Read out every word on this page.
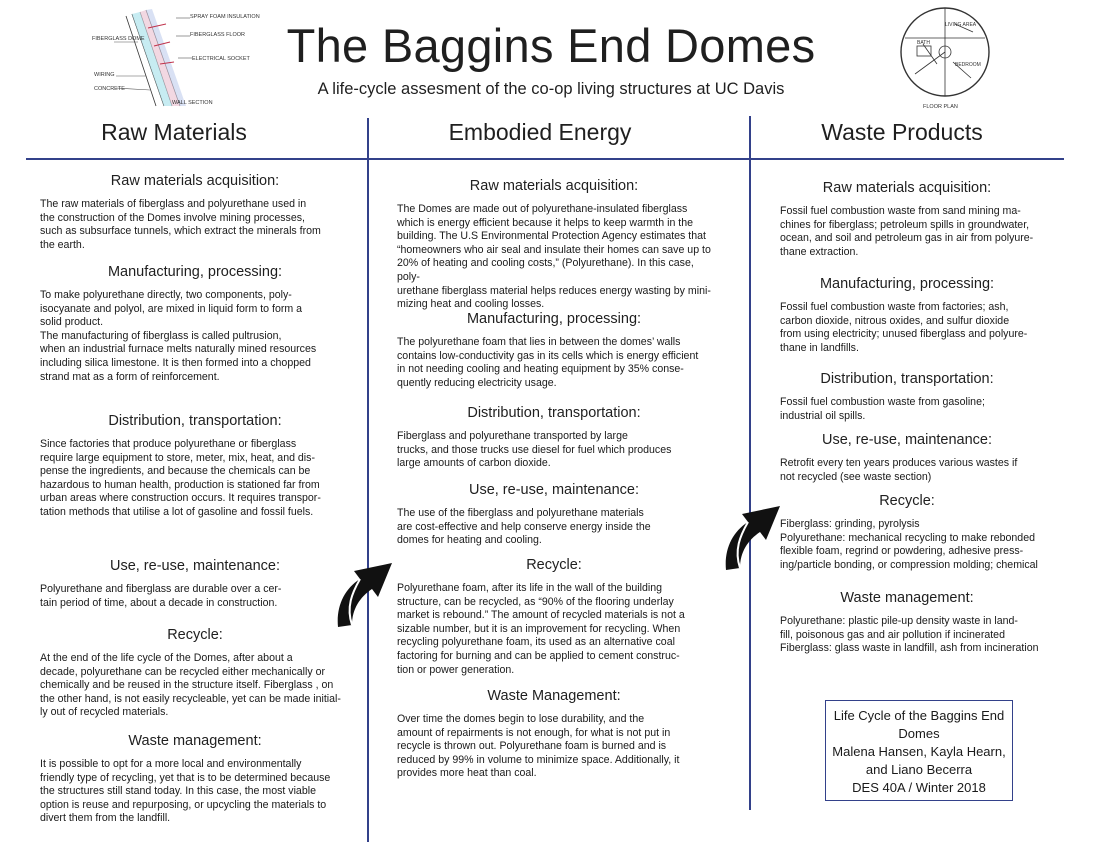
The Baggins End Domes
A life-cycle assesment of the co-op living structures at UC Davis
FIBERGLASS DOME
SPRAY FOAM INSULATION
FIBERGLASS FLOOR
ELECTRICAL SOCKET
WIRING
CONCRETE
WALL SECTION
LIVING AREA
BEDROOM
BATH
FLOOR PLAN
Raw Materials	Embodied Energy	Waste Products
Raw materials acquisition:
The raw materials of fiberglass and polyurethane used in
the construction of the Domes involve mining processes,
such as subsurface tunnels, which extract the minerals from
the earth.
Manufacturing, processing:
To make polyurethane directly, two components, poly-
isocyanate and polyol, are mixed in liquid form to form a
solid product.
The manufacturing of fiberglass is called pultrusion,
when an industrial furnace melts naturally mined resources
including silica limestone. It is then formed into a chopped
strand mat as a form of reinforcement.
Distribution, transportation:
Since factories that produce polyurethane or fiberglass
require large equipment to store, meter, mix, heat, and dis-
pense the ingredients, and because the chemicals can be
hazardous to human health, production is stationed far from
urban areas where construction occurs. It requires transpor-
tation methods that utilise a lot of gasoline and fossil fuels.
Use, re-use, maintenance:
Polyurethane and fiberglass are durable over a cer-
tain period of time, about a decade in construction.
Recycle:
At the end of the life cycle of the Domes, after about a
decade, polyurethane can be recycled either mechanically or
chemically and be reused in the structure itself. Fiberglass , on
the other hand, is not easily recycleable, yet can be made initial-
ly out of recycled materials.
Waste management:
It is possible to opt for a more local and environmentally
friendly type of recycling, yet that is to be determined because
the structures still stand today. In this case, the most viable
option is reuse and repurposing, or upcycling the materials to
divert them from the landfill.
Raw materials acquisition:
The Domes are made out of polyurethane-insulated fiberglass
which is energy efficient because it helps to keep warmth in the
building. The U.S Environmental Protection Agency estimates that
“homeowners who air seal and insulate their homes can save up to
20% of heating and cooling costs,” (Polyurethane). In this case, poly-
urethane fiberglass material helps reduces energy wasting by mini-
mizing heat and cooling losses.
Manufacturing, processing:
The polyurethane foam that lies in between the domes’ walls
contains low-conductivity gas in its cells which is energy efficient
in not needing cooling and heating equipment by 35% conse-
quently reducing electricity usage.
Distribution, transportation:
Fiberglass and polyurethane transported by large
trucks, and those trucks use diesel for fuel which produces
large amounts of carbon dioxide.
Use, re-use, maintenance:
The use of the fiberglass and polyurethane materials
are cost-effective and help conserve energy inside the
domes for heating and cooling.
Recycle:
Polyurethane foam, after its life in the wall of the building
structure, can be recycled, as “90% of the flooring underlay
market is rebound.” The amount of recycled materials is not a
sizable number, but it is an improvement for recycling. When
recycling polyurethane foam, its used as an alternative coal
factoring for burning and can be applied to cement construc-
tion or power generation.
Waste Management:
Over time the domes begin to lose durability, and the
amount of repairments is not enough, for what is not put in
recycle is thrown out. Polyurethane foam is burned and is
reduced by 99% in volume to minimize space. Additionally, it
provides more heat than coal.
Raw materials acquisition:
Fossil fuel combustion waste from sand mining ma-
chines for fiberglass; petroleum spills in groundwater,
ocean, and soil and petroleum gas in air from polyure-
thane extraction.
Manufacturing, processing:
Fossil fuel combustion waste from factories; ash,
carbon dioxide, nitrous oxides, and sulfur dioxide
from using electricity; unused fiberglass and polyure-
thane in landfills.
Distribution, transportation:
Fossil fuel combustion waste from gasoline;
industrial oil spills.
Use, re-use, maintenance:
Retrofit every ten years produces various wastes if
not recycled (see waste section)
Recycle:
Fiberglass: grinding, pyrolysis
Polyurethane: mechanical recycling to make rebonded
flexible foam, regrind or powdering, adhesive press-
ing/particle bonding, or compression molding; chemical
Waste management:
Polyurethane: plastic pile-up density waste in land-
fill, poisonous gas and air pollution if incinerated
Fiberglass: glass waste in landfill, ash from incineration
Life Cycle of the Baggins End
Domes
Malena Hansen, Kayla Hearn,
and Liano Becerra
DES 40A / Winter 2018
